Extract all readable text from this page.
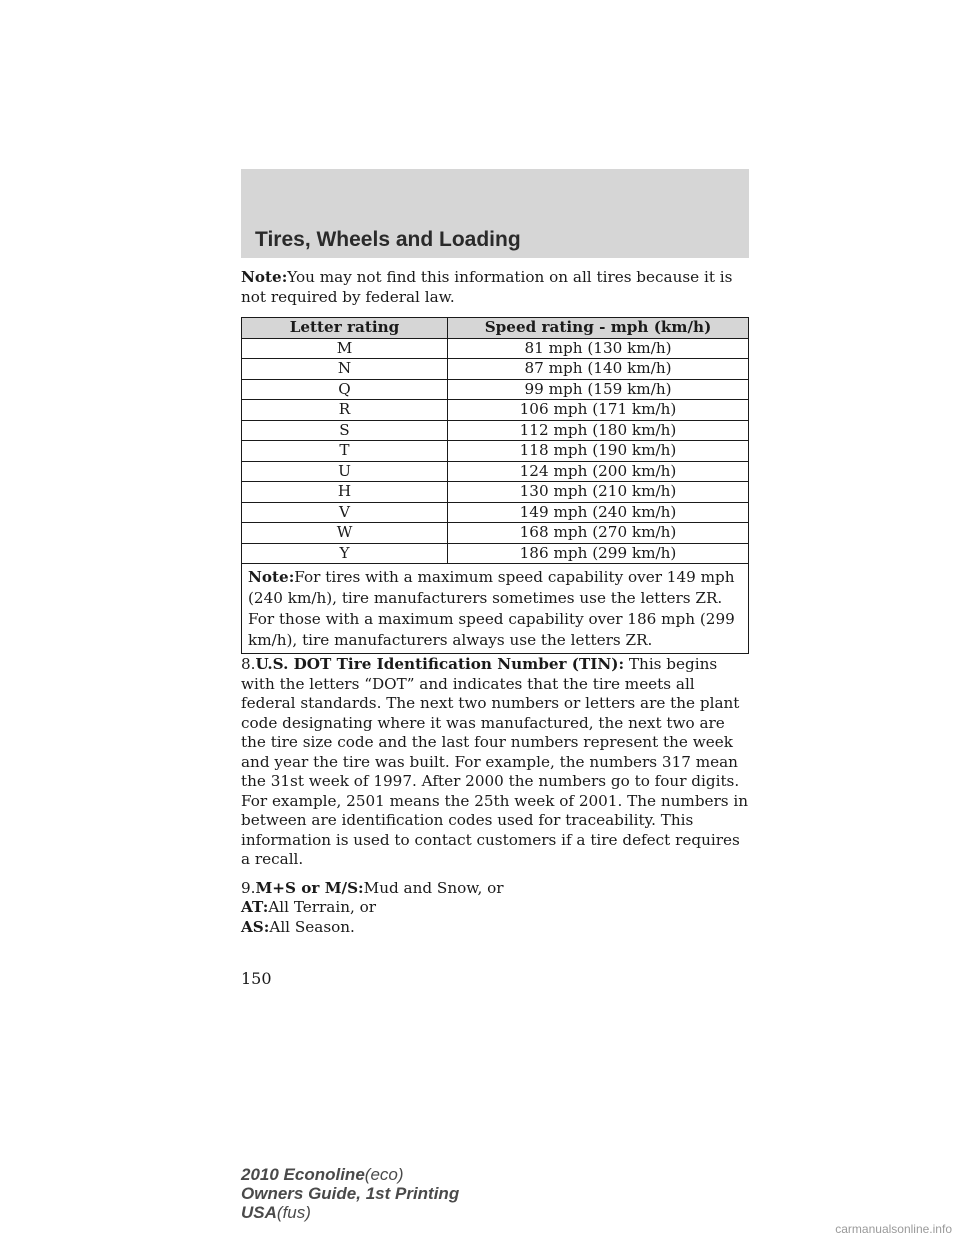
Tires, Wheels and Loading

Note:You may not find this information on all tires because it is not required by federal law.

Letter rating	Speed rating - mph (km/h)
M	81 mph (130 km/h)
N	87 mph (140 km/h)
Q	99 mph (159 km/h)
R	106 mph (171 km/h)
S	112 mph (180 km/h)
T	118 mph (190 km/h)
U	124 mph (200 km/h)
H	130 mph (210 km/h)
V	149 mph (240 km/h)
W	168 mph (270 km/h)
Y	186 mph (299 km/h)
Note:For tires with a maximum speed capability over 149 mph (240 km/h), tire manufacturers sometimes use the letters ZR. For those with a maximum speed capability over 186 mph (299 km/h), tire manufacturers always use the letters ZR.	

8.U.S. DOT Tire Identification Number (TIN): This begins with the letters “DOT” and indicates that the tire meets all federal standards. The next two numbers or letters are the plant code designating where it was manufactured, the next two are the tire size code and the last four numbers represent the week and year the tire was built. For example, the numbers 317 mean the 31st week of 1997. After 2000 the numbers go to four digits. For example, 2501 means the 25th week of 2001. The numbers in between are identification codes used for traceability. This information is used to contact customers if a tire defect requires a recall.

9.M+S or M/S:Mud and Snow, or

AT:All Terrain, or

AS:All Season.

150
2010 Econoline(eco)
Owners Guide, 1st Printing
USA(fus)
carmanualsonline.info
